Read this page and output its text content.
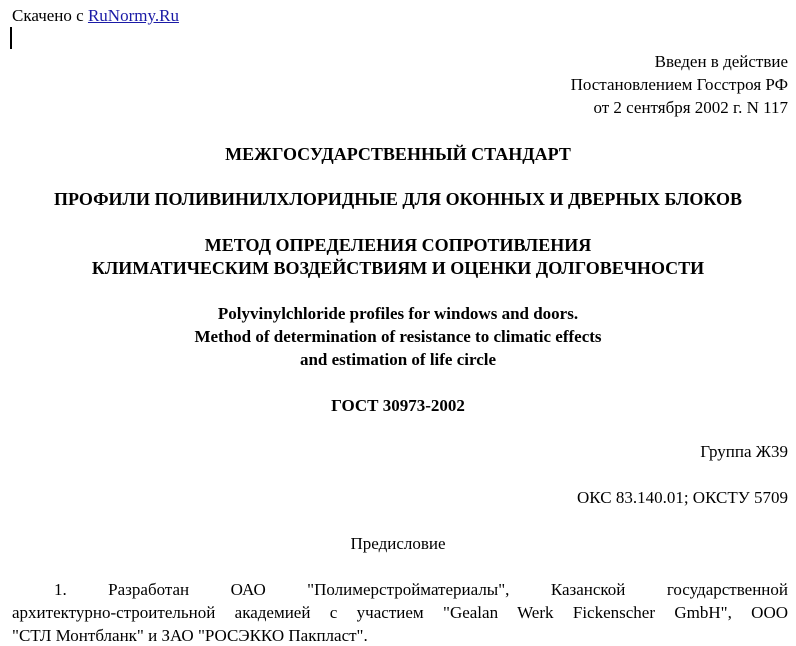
Скачено с RuNormy.Ru
Введен в действие
Постановлением Госстроя РФ
от 2 сентября 2002 г. N 117
МЕЖГОСУДАРСТВЕННЫЙ СТАНДАРТ
ПРОФИЛИ ПОЛИВИНИЛХЛОРИДНЫЕ ДЛЯ ОКОННЫХ И ДВЕРНЫХ БЛОКОВ
МЕТОД ОПРЕДЕЛЕНИЯ СОПРОТИВЛЕНИЯ
КЛИМАТИЧЕСКИМ ВОЗДЕЙСТВИЯМ И ОЦЕНКИ ДОЛГОВЕЧНОСТИ
Polyvinylchloride profiles for windows and doors.
Method of determination of resistance to climatic effects
and estimation of life circle
ГОСТ 30973-2002
Группа Ж39
ОКС 83.140.01; ОКСТУ 5709
Предисловие
1. Разработан ОАО "Полимерстройматериалы", Казанской государственной
архитектурно-строительной академией с участием "Gealan Werk Fickenscher GmbH", ООО
"СТЛ Монтбланк" и ЗАО "РОСЭККО Пакпласт".
